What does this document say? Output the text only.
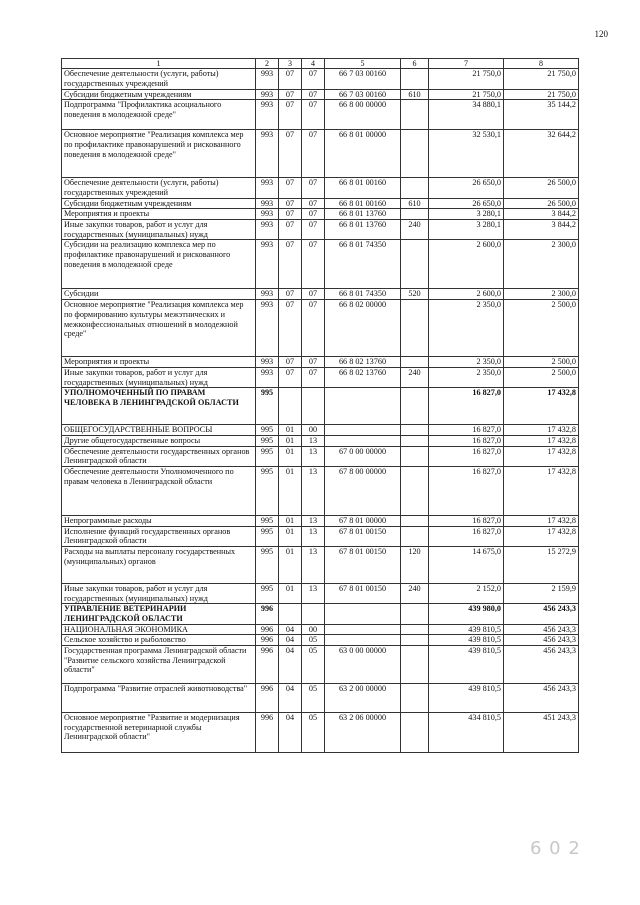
120
1	2	3	4	5	6	7	8
Обеспечение деятельности (услуги, работы) государственных учреждений	993	07	07	66 7 03 00160		21 750,0	21 750,0
Субсидии бюджетным учреждениям	993	07	07	66 7 03 00160	610	21 750,0	21 750,0
Подпрограмма "Профилактика асоциального поведения в молодежной среде"	993	07	07	66 8 00 00000		34 880,1	35 144,2
Основное мероприятие "Реализация комплекса мер по профилактике правонарушений и рискованного поведения в молодежной среде"	993	07	07	66 8 01 00000		32 530,1	32 644,2
Обеспечение деятельности (услуги, работы) государственных учреждений	993	07	07	66 8 01 00160		26 650,0	26 500,0
Субсидии бюджетным учреждениям	993	07	07	66 8 01 00160	610	26 650,0	26 500,0
Мероприятия и проекты	993	07	07	66 8 01 13760		3 280,1	3 844,2
Иные закупки товаров, работ и услуг для государственных (муниципальных) нужд	993	07	07	66 8 01 13760	240	3 280,1	3 844,2
Субсидии на реализацию комплекса мер по профилактике правонарушений и рискованного поведения в молодежной среде	993	07	07	66 8 01 74350		2 600,0	2 300,0
Субсидии	993	07	07	66 8 01 74350	520	2 600,0	2 300,0
Основное мероприятие "Реализация комплекса мер по формированию культуры межэтнических и межконфессиональных отношений в молодежной среде"	993	07	07	66 8 02 00000		2 350,0	2 500,0
Мероприятия и проекты	993	07	07	66 8 02 13760		2 350,0	2 500,0
Иные закупки товаров, работ и услуг для государственных (муниципальных) нужд	993	07	07	66 8 02 13760	240	2 350,0	2 500,0
УПОЛНОМОЧЕННЫЙ ПО ПРАВАМ ЧЕЛОВЕКА В ЛЕНИНГРАДСКОЙ ОБЛАСТИ	995					16 827,0	17 432,8
ОБЩЕГОСУДАРСТВЕННЫЕ ВОПРОСЫ	995	01	00			16 827,0	17 432,8
Другие общегосударственные вопросы	995	01	13			16 827,0	17 432,8
Обеспечение деятельности государственных органов Ленинградской области	995	01	13	67 0 00 00000		16 827,0	17 432,8
Обеспечение деятельности Уполномоченного по правам человека в Ленинградской области	995	01	13	67 8 00 00000		16 827,0	17 432,8
Непрограммные расходы	995	01	13	67 8 01 00000		16 827,0	17 432,8
Исполнение функций государственных органов Ленинградской области	995	01	13	67 8 01 00150		16 827,0	17 432,8
Расходы на выплаты персоналу государственных (муниципальных) органов	995	01	13	67 8 01 00150	120	14 675,0	15 272,9
Иные закупки товаров, работ и услуг для государственных (муниципальных) нужд	995	01	13	67 8 01 00150	240	2 152,0	2 159,9
УПРАВЛЕНИЕ ВЕТЕРИНАРИИ ЛЕНИНГРАДСКОЙ ОБЛАСТИ	996					439 980,0	456 243,3
НАЦИОНАЛЬНАЯ ЭКОНОМИКА	996	04	00			439 810,5	456 243,3
Сельское хозяйство и рыболовство	996	04	05			439 810,5	456 243,3
Государственная программа Ленинградской области "Развитие сельского хозяйства Ленинградской области"	996	04	05	63 0 00 00000		439 810,5	456 243,3
Подпрограмма "Развитие отраслей животноводства"	996	04	05	63 2 00 00000		439 810,5	456 243,3
Основное мероприятие "Развитие и модернизация государственной ветеринарной службы Ленинградской области"	996	04	05	63 2 06 00000		434 810,5	451 243,3
6 0 2
